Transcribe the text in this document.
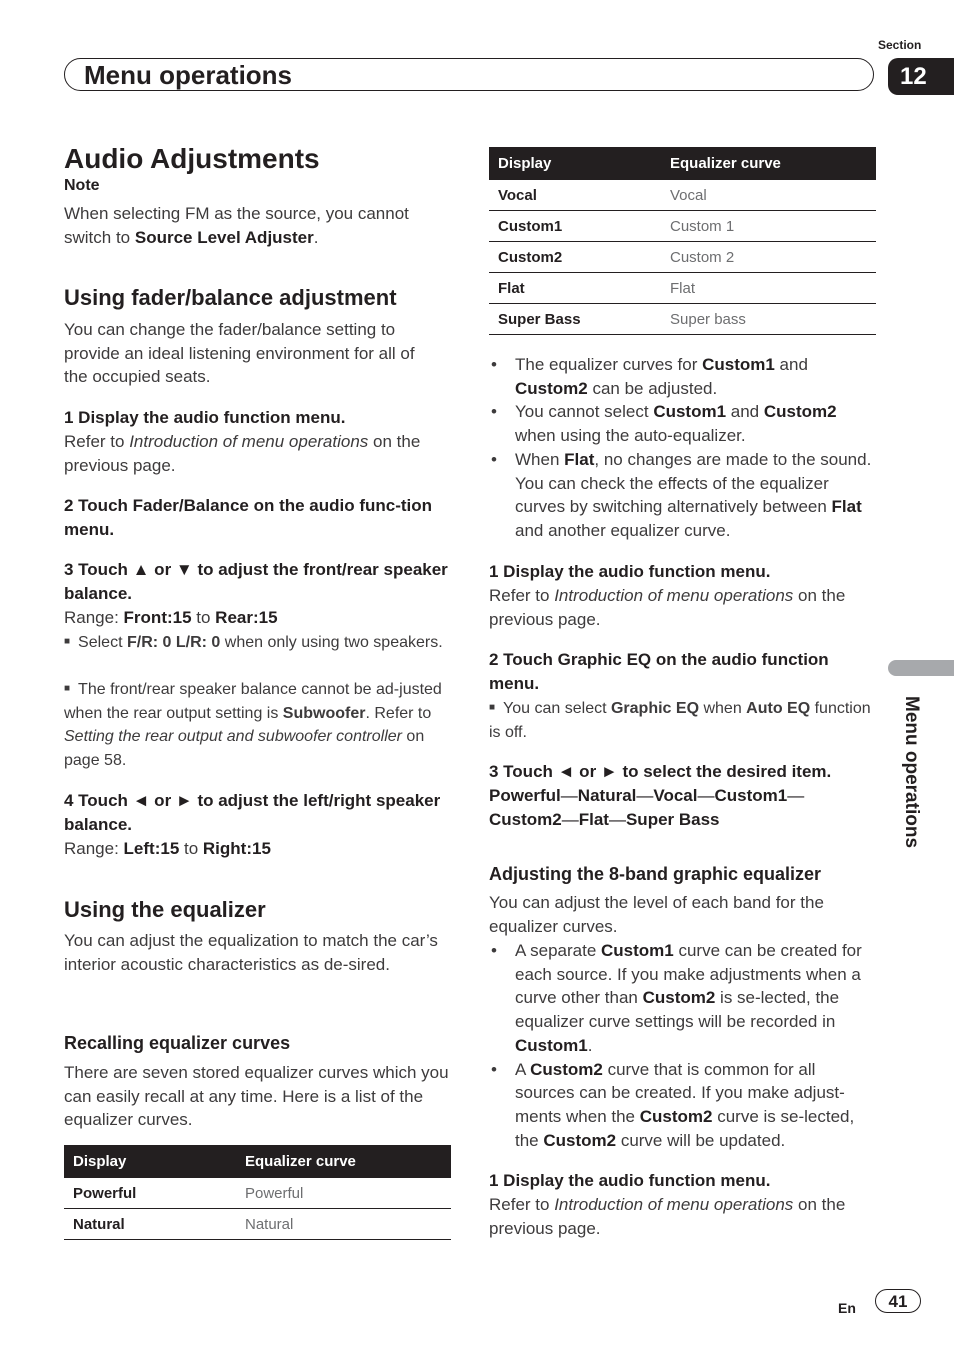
Menu operations
Section
12
Menu operations
Audio Adjustments
Note
When selecting FM as the source, you cannot switch to Source Level Adjuster.
Using fader/balance adjustment
You can change the fader/balance setting to provide an ideal listening environment for all of the occupied seats.
1 Display the audio function menu.
Refer to Introduction of menu operations on the previous page.
2 Touch Fader/Balance on the audio func-tion menu.
3 Touch ▲ or ▼ to adjust the front/rear speaker balance.
Range: Front:15 to Rear:15
■ Select F/R: 0 L/R: 0 when only using two speakers.
■ The front/rear speaker balance cannot be ad-justed when the rear output setting is Subwoofer. Refer to Setting the rear output and subwoofer controller on page 58.
4 Touch ◄ or ► to adjust the left/right speaker balance.
Range: Left:15 to Right:15
Using the equalizer
You can adjust the equalization to match the car’s interior acoustic characteristics as de-sired.
Recalling equalizer curves
There are seven stored equalizer curves which you can easily recall at any time. Here is a list of the equalizer curves.
Display	Equalizer curve
Powerful	Powerful
Natural	Natural
Display	Equalizer curve
Vocal	Vocal
Custom1	Custom 1
Custom2	Custom 2
Flat	Flat
Super Bass	Super bass
• The equalizer curves for Custom1 and Custom2 can be adjusted.
• You cannot select Custom1 and Custom2 when using the auto-equalizer.
• When Flat, no changes are made to the sound. You can check the effects of the equalizer curves by switching alternatively between Flat and another equalizer curve.
1 Display the audio function menu.
Refer to Introduction of menu operations on the previous page.
2 Touch Graphic EQ on the audio function menu.
■ You can select Graphic EQ when Auto EQ function is off.
3 Touch ◄ or ► to select the desired item.
Powerful—Natural—Vocal—Custom1—
Custom2—Flat—Super Bass
Adjusting the 8-band graphic equalizer
You can adjust the level of each band for the equalizer curves.
• A separate Custom1 curve can be created for each source. If you make adjustments when a curve other than Custom2 is se-lected, the equalizer curve settings will be recorded in Custom1.
• A Custom2 curve that is common for all sources can be created. If you make adjust-ments when the Custom2 curve is se-lected, the Custom2 curve will be updated.
1 Display the audio function menu.
Refer to Introduction of menu operations on the previous page.
En	41
